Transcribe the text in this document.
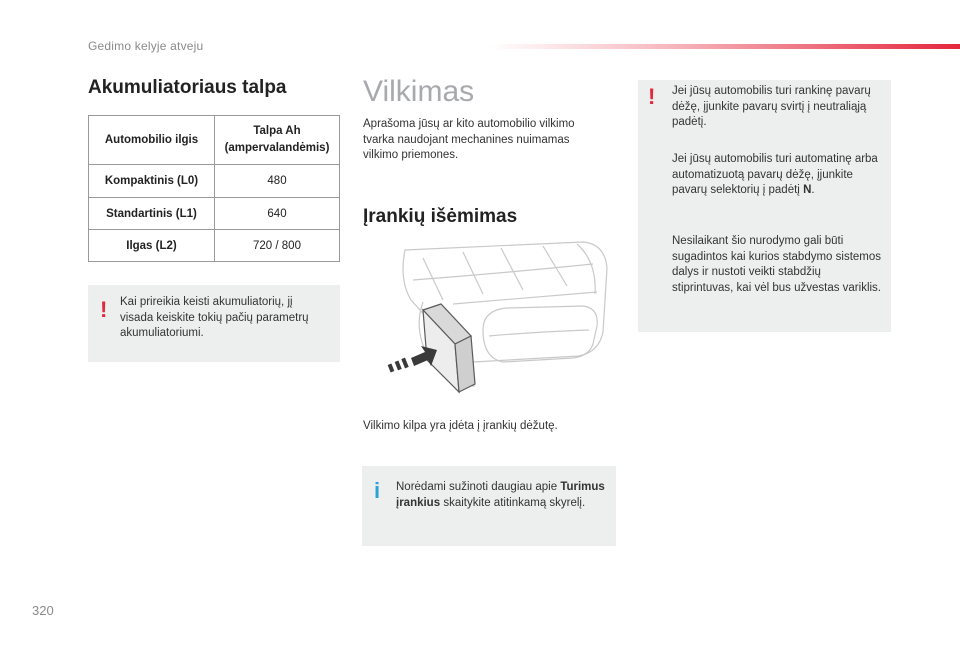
Gedimo kelyje atveju
Akumuliatoriaus talpa
Automobilio ilgis	Talpa Ah
(ampervalandėmis)
Kompaktinis (L0)	480
Standartinis (L1)	640
Ilgas (L2)	720 / 800
! Kai prireikia keisti akumuliatorių, jį visada keiskite tokių pačių parametrų akumuliatoriumi.
Vilkimas
Aprašoma jūsų ar kito automobilio vilkimo tvarka naudojant mechanines nuimamas vilkimo priemones.
Įrankių išėmimas
Vilkimo kilpa yra įdėta į įrankių dėžutę.
i Norėdami sužinoti daugiau apie Turimus įrankius skaitykite atitinkamą skyrelį.
! Jei jūsų automobilis turi rankinę pavarų dėžę, įjunkite pavarų svirtį į neutraliąją padėtį.
Jei jūsų automobilis turi automatinę arba automatizuotą pavarų dėžę, įjunkite pavarų selektorių į padėtį N.
Nesilaikant šio nurodymo gali būti sugadintos kai kurios stabdymo sistemos dalys ir nustoti veikti stabdžių stiprintuvas, kai vėl bus užvestas variklis.
320
